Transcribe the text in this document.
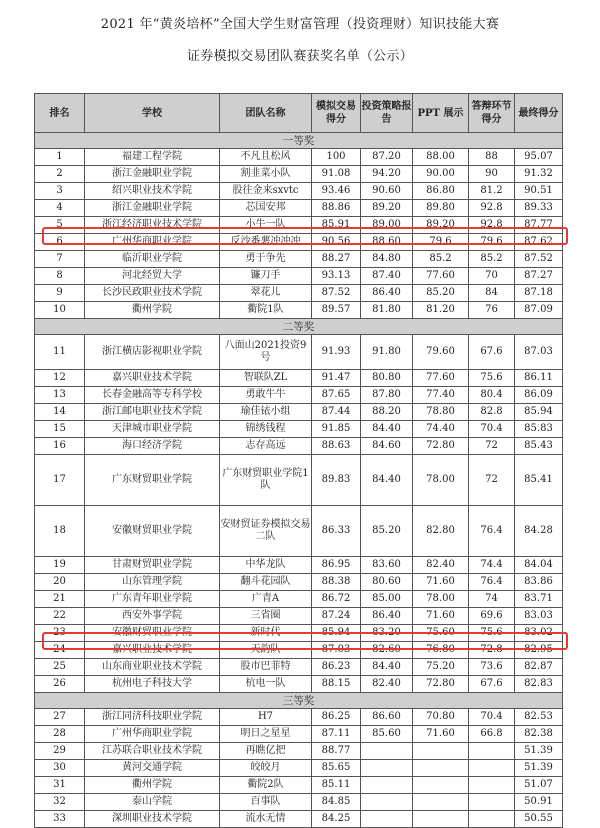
2021 年“黄炎培杯”全国大学生财富管理（投资理财）知识技能大赛
证券模拟交易团队赛获奖名单（公示）
排名	学校	团队名称	模拟交易得分	投资策略报告	PPT 展示	答辩环节得分	最终得分
一等奖							
1	福建工程学院	不凡且松风	100	87.20	88.00	88	95.07
2	浙江金融职业学院	割韭菜小队	91.08	94.20	90.00	90	91.32
3	绍兴职业技术学院	股往金来sxvtc	93.46	90.60	86.80	81.2	90.51
4	浙江金融职业学院	芯国安邦	88.86	89.20	89.80	92.8	89.33
5	浙江经济职业技术学院	小牛一队	85.91	89.00	89.20	92.8	87.77
6	广州华商职业学院	反沙番薯冲冲冲	90.56	88.60	79.6	79.6	87.62
7	临沂职业学院	勇于争先	88.27	84.80	85.2	85.2	87.52
8	河北经贸大学	镰刀手	93.13	87.40	77.60	70	87.27
9	长沙民政职业技术学院	翠花儿	87.52	86.40	85.20	84	87.18
10	衢州学院	衢院1队	89.57	81.80	81.20	76	87.09
二等奖							
11	浙江横店影视职业学院	八面山2021投资9号	91.93	91.80	79.60	67.6	87.03
12	嘉兴职业技术学院	智联队ZL	91.47	80.80	77.60	75.6	86.11
13	长春金融高等专科学校	勇敢牛牛	87.65	87.80	77.40	80.4	86.09
14	浙江邮电职业技术学院	瑜佳铱小组	87.44	88.20	78.80	82.8	85.94
15	天津城市职业学院	锦绣钱程	91.85	84.40	74.40	70.4	85.83
16	海口经济学院	志存高远	88.63	84.60	72.80	72	85.43
17	广东财贸职业学院	广东财贸职业学院1队	89.83	84.40	78.00	72	85.41
18	安徽财贸职业学院	安财贸证券模拟交易二队	86.33	85.20	82.80	76.4	84.28
19	甘肃财贸职业学院	中华龙队	86.95	83.60	82.40	74.4	84.04
20	山东管理学院	翻斗花园队	88.38	80.60	71.60	76.4	83.86
21	广东青年职业学院	广青A	86.72	85.00	78.00	74	83.71
22	西安外事学院	三省圈	87.24	86.40	71.60	69.6	83.03
23	安徽财贸职业学院	新时代	85.94	83.20	75.60	75.6	83.02
24	嘉兴职业技术学院	天韵队	87.03	82.60	76.80	72.8	82.95
25	山东商业职业技术学院	股市巴菲特	86.23	84.40	75.20	73.6	82.87
26	杭州电子科技大学	杭电一队	88.15	82.40	72.80	67.6	82.83
三等奖							
27	浙江同济科技职业学院	H7	86.25	86.60	70.80	70.4	82.53
28	广州华商职业学院	明日之星星	87.11	85.60	71.60	66.8	82.38
29	江苏联合职业技术学院	再瞧亿把	88.77				51.39
30	黄河交通学院	皎皎月	85.65				51.39
31	衢州学院	衢院2队	85.11				51.07
32	泰山学院	百事队	84.85				50.91
33	深圳职业技术学院	流水无情	84.25				50.55
